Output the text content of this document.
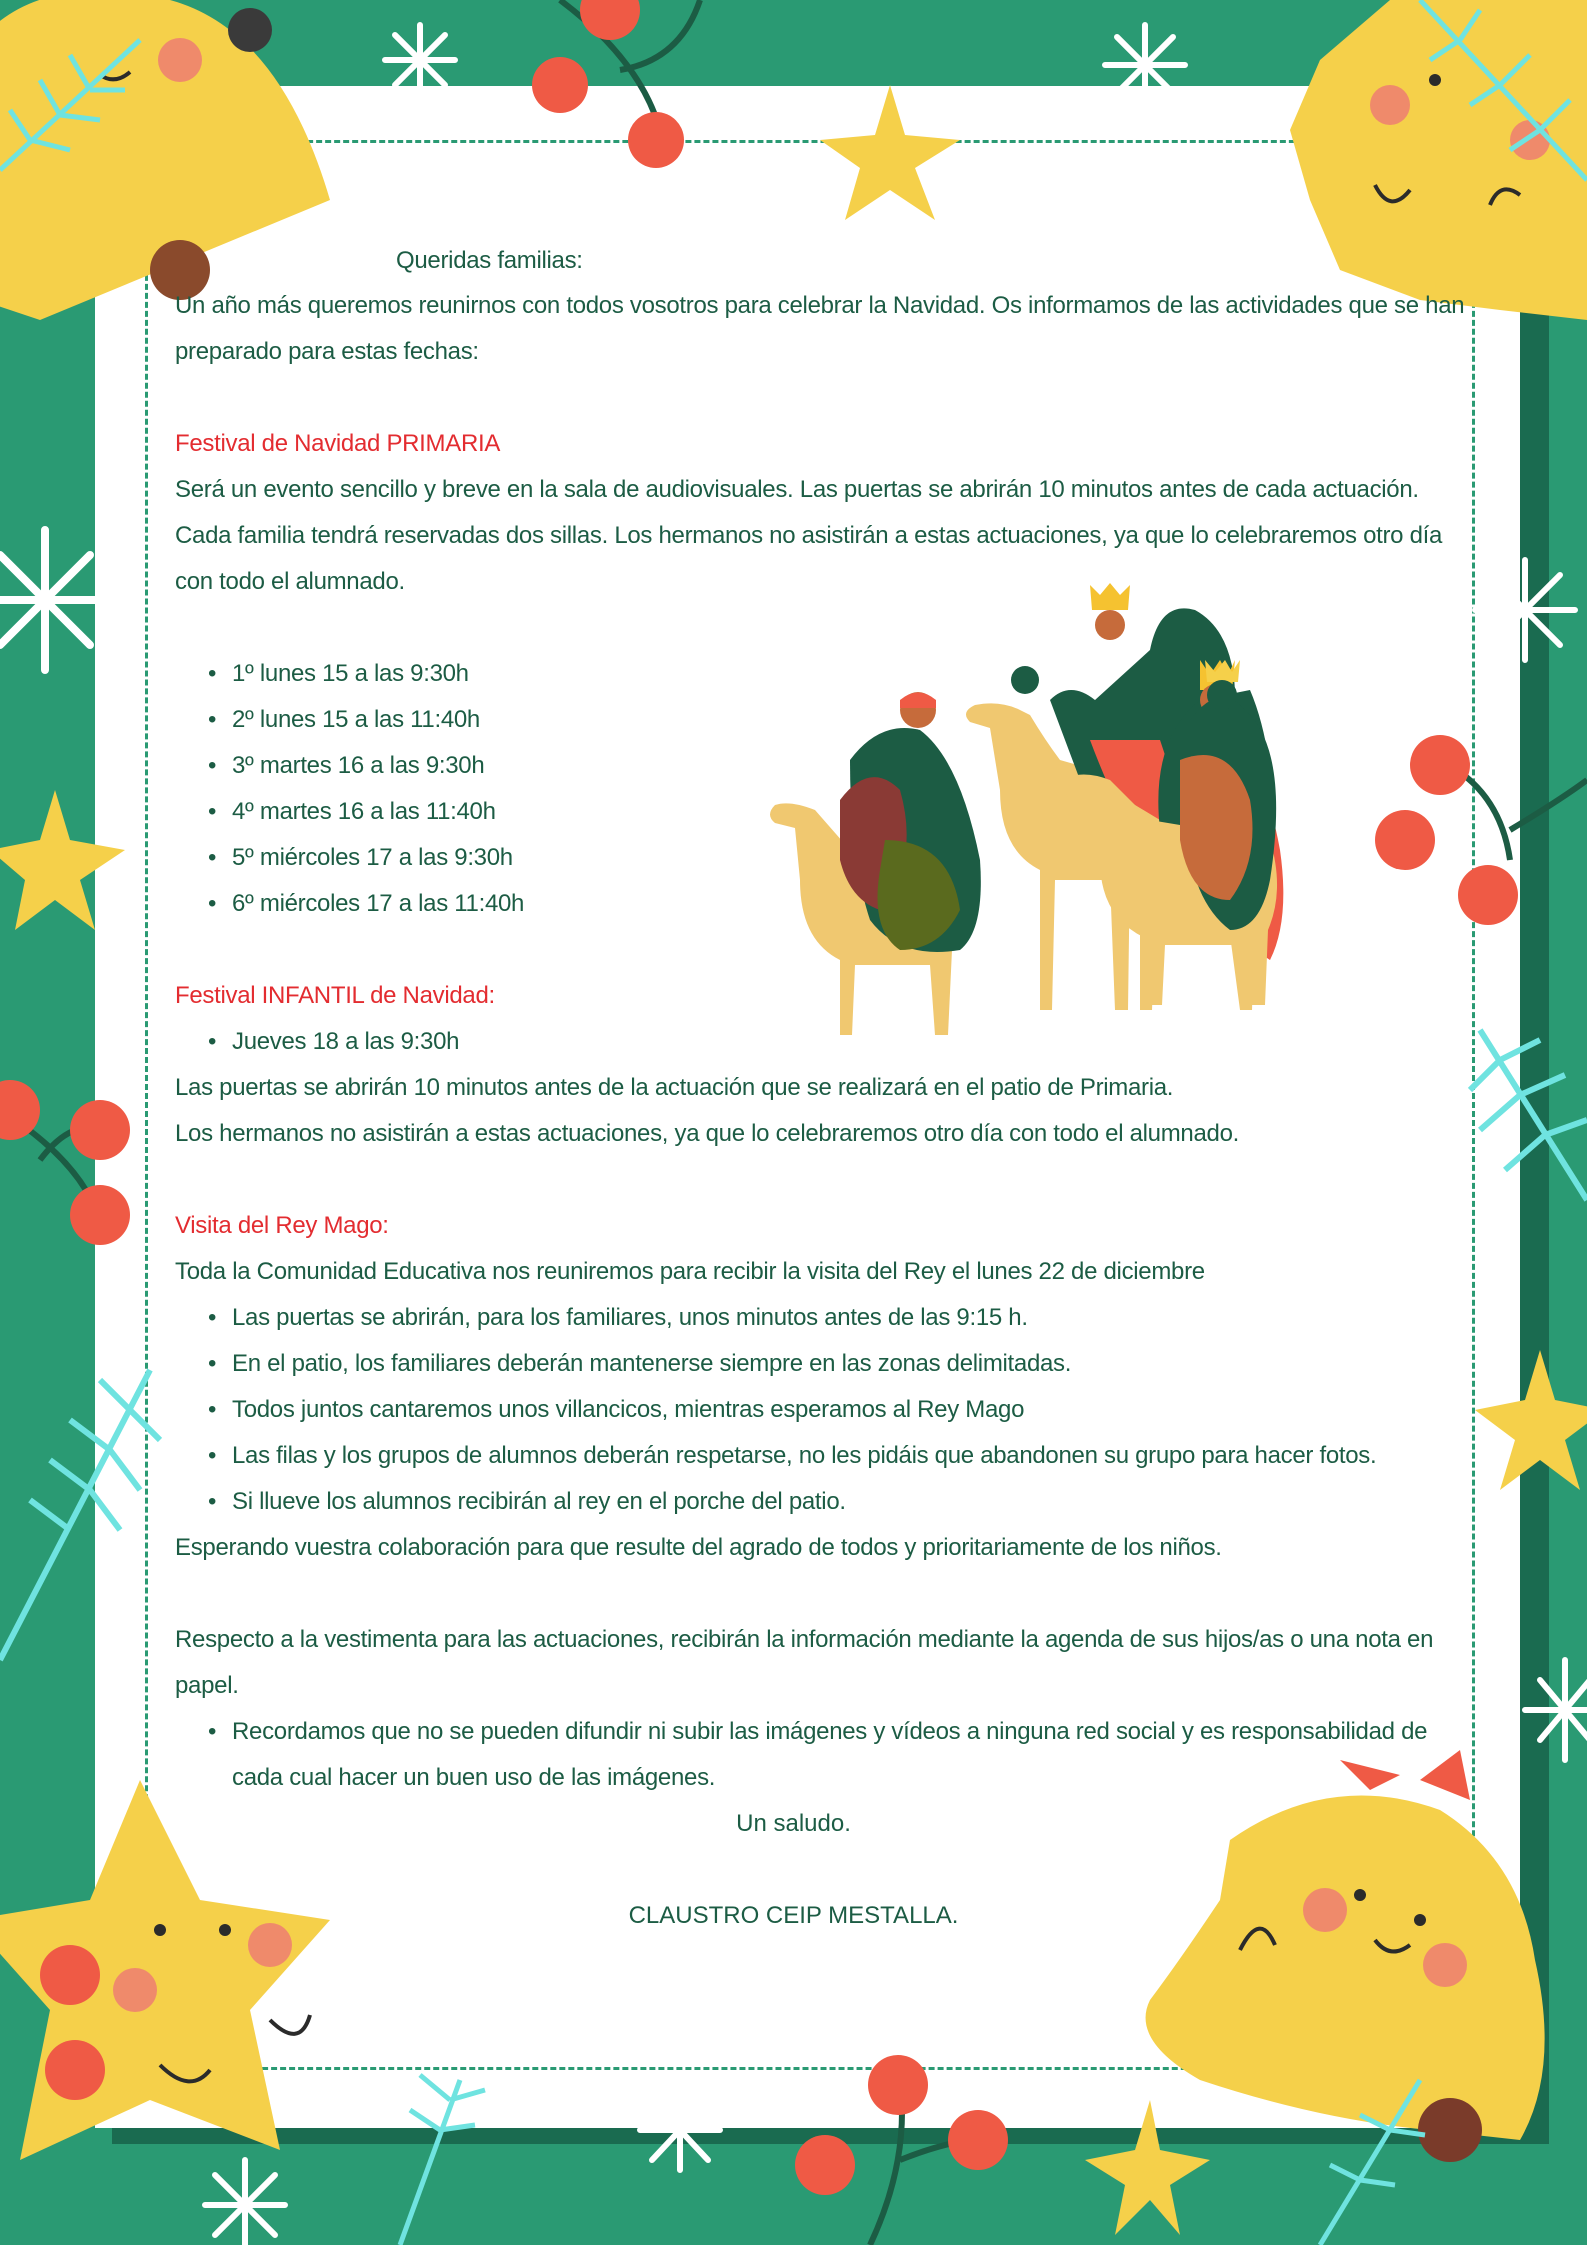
Queridas familias:
Un año más queremos reunirnos con todos vosotros para celebrar la Navidad. Os informamos de las actividades que se han
preparado para estas fechas:
Festival de Navidad PRIMARIA
Será un evento sencillo y breve en la sala de audiovisuales. Las puertas se abrirán 10 minutos antes de cada actuación.
Cada familia tendrá reservadas dos sillas. Los hermanos no asistirán a estas actuaciones, ya que lo celebraremos otro día
con todo el alumnado.
• 1º lunes 15 a las 9:30h
• 2º lunes 15 a las 11:40h
• 3º martes 16 a las 9:30h
• 4º martes 16 a las 11:40h
• 5º miércoles 17 a las 9:30h
• 6º miércoles 17 a las 11:40h
Festival INFANTIL de Navidad:
• Jueves 18 a las 9:30h
Las puertas se abrirán 10 minutos antes de la actuación que se realizará en el patio de Primaria.
Los hermanos no asistirán a estas actuaciones, ya que lo celebraremos otro día con todo el alumnado.
Visita del Rey Mago:
Toda la Comunidad Educativa nos reuniremos para recibir la visita del Rey el lunes 22 de diciembre
• Las puertas se abrirán, para los familiares, unos minutos antes de las 9:15 h.
• En el patio, los familiares deberán mantenerse siempre en las zonas delimitadas.
• Todos juntos cantaremos unos villancicos, mientras esperamos al Rey Mago
• Las filas y los grupos de alumnos deberán respetarse, no les pidáis que abandonen su grupo para hacer fotos.
• Si llueve los alumnos recibirán al rey en el porche del patio.
Esperando vuestra colaboración para que resulte del agrado de todos y prioritariamente de los niños.
Respecto a la vestimenta para las actuaciones, recibirán la información mediante la agenda de sus hijos/as o una nota en
papel.
• Recordamos que no se pueden difundir ni subir las imágenes y vídeos a ninguna red social y es responsabilidad de
cada cual hacer un buen uso de las imágenes.
Un saludo.
CLAUSTRO CEIP MESTALLA.
